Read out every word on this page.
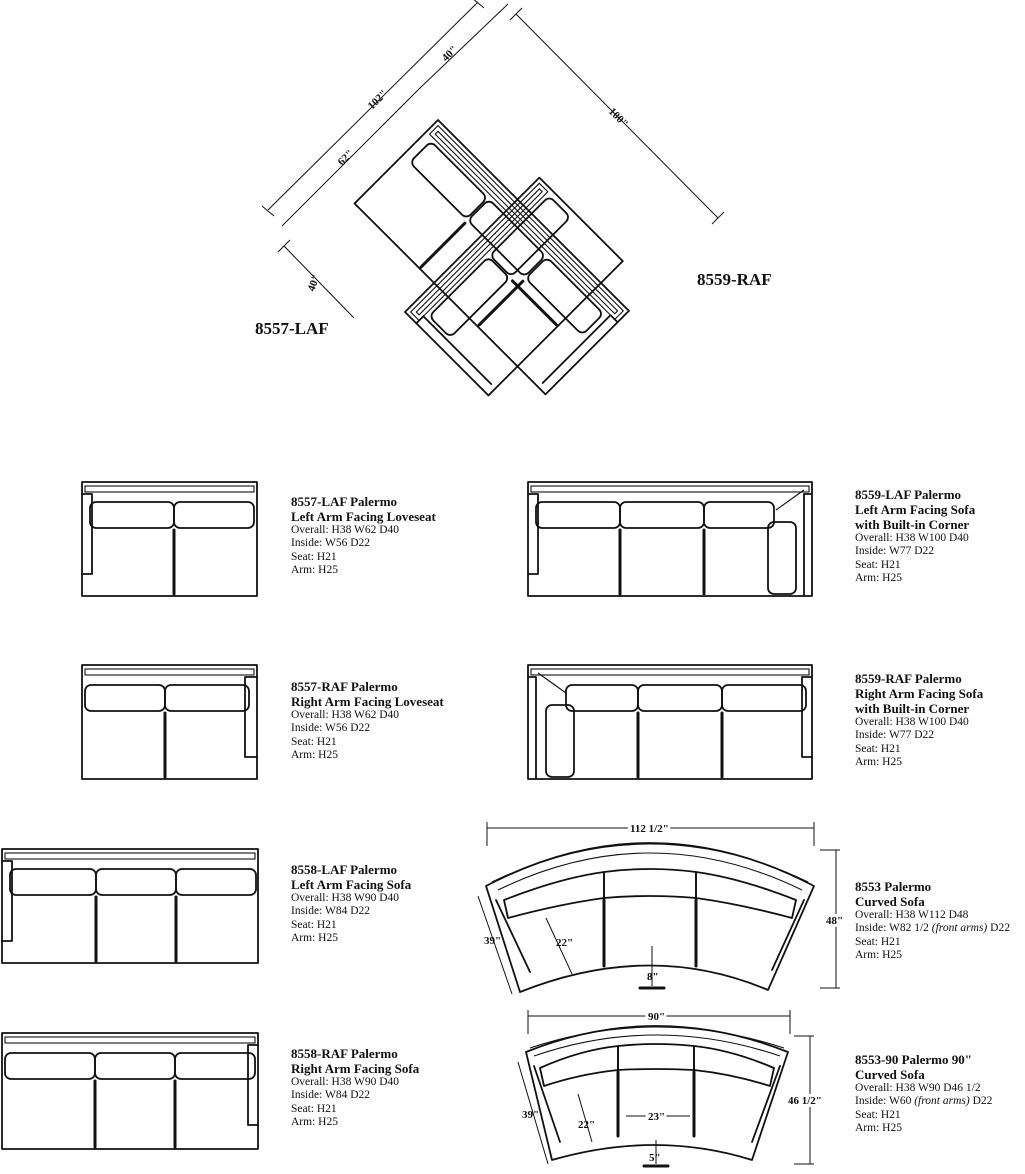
102"
62"
40"
100"
40"
8557-LAF
8559-RAF
112 1/2"
48"
39"	22"
8"
90"
46 1/2"
39"
22"
23"
5"
8557-LAF Palermo
Left Arm Facing Loveseat
Overall: H38 W62 D40
Inside: W56 D22
Seat: H21
Arm: H25
8559-LAF Palermo
Left Arm Facing Sofa
with Built-in Corner
Overall: H38 W100 D40
Inside: W77 D22
Seat: H21
Arm: H25
8557-RAF Palermo
Right Arm Facing Loveseat
Overall: H38 W62 D40
Inside: W56 D22
Seat: H21
Arm: H25
8559-RAF Palermo
Right Arm Facing Sofa
with Built-in Corner
Overall: H38 W100 D40
Inside: W77 D22
Seat: H21
Arm: H25
8558-LAF Palermo
Left Arm Facing Sofa
Overall: H38 W90 D40
Inside: W84 D22
Seat: H21
Arm: H25
8553 Palermo
Curved Sofa
Overall: H38 W112 D48
Inside: W82 1/2 (front arms) D22
Seat: H21
Arm: H25
8558-RAF Palermo
Right Arm Facing Sofa
Overall: H38 W90 D40
Inside: W84 D22
Seat: H21
Arm: H25
8553-90 Palermo 90"
Curved Sofa
Overall: H38 W90 D46 1/2
Inside: W60 (front arms) D22
Seat: H21
Arm: H25
